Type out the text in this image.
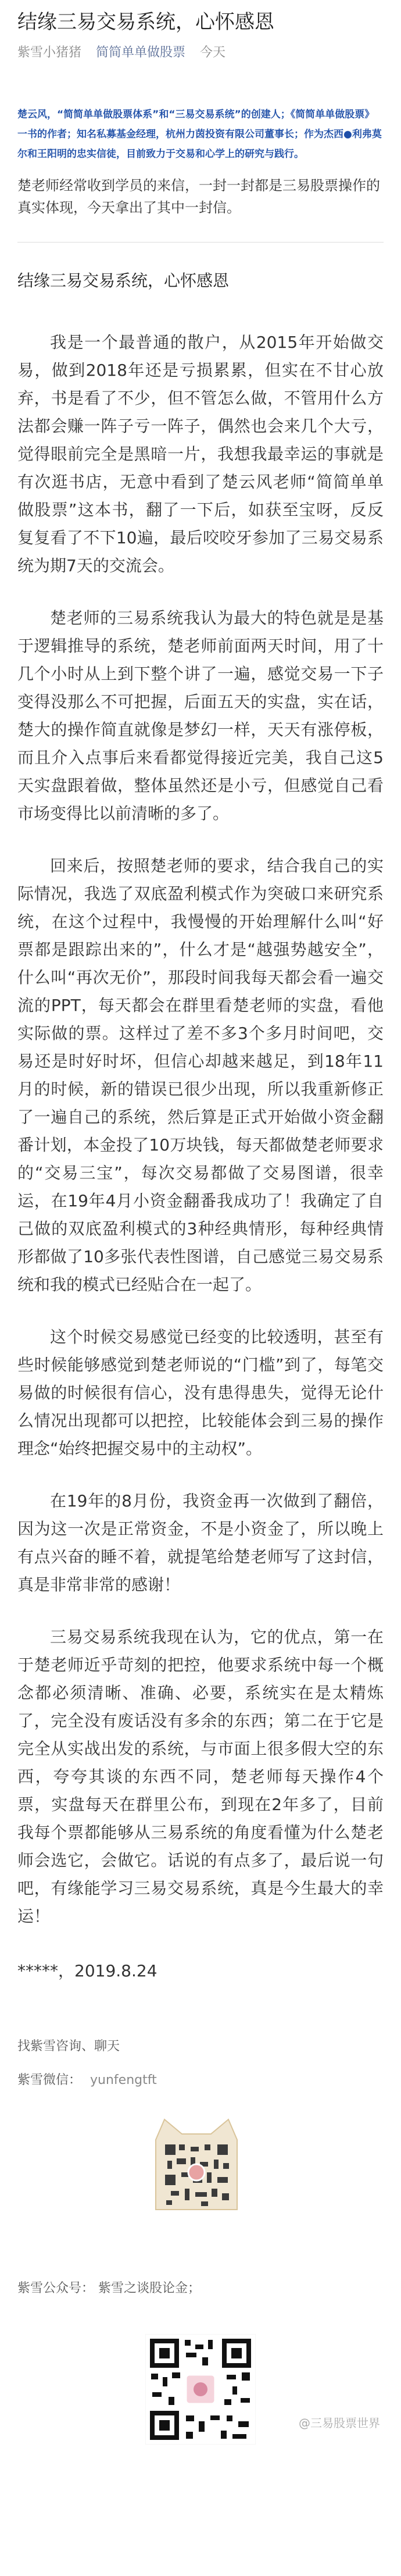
结缘三易交易系统，心怀感恩
紫雪小猪猪 简简单单做股票 今天
楚云风，“简简单单做股票体系”和“三易交易系统”的创建人；《简简单单做股票》一书的作者；知名私募基金经理，杭州力茵投资有限公司董事长；作为杰西●利弗莫尔和王阳明的忠实信徒，目前致力于交易和心学上的研究与践行。
楚老师经常收到学员的来信，一封一封都是三易股票操作的真实体现，今天拿出了其中一封信。
结缘三易交易系统，心怀感恩

我是一个最普通的散户，从2015年开始做交易，做到2018年还是亏损累累，但实在不甘心放弃，书是看了不少，但不管怎么做，不管用什么方法都会赚一阵子亏一阵子，偶然也会来几个大亏，觉得眼前完全是黑暗一片，我想我最幸运的事就是有次逛书店，无意中看到了楚云风老师“简简单单做股票”这本书，翻了一下后，如获至宝呀，反反复复看了不下10遍，最后咬咬牙参加了三易交易系统为期7天的交流会。

楚老师的三易系统我认为最大的特色就是是基于逻辑推导的系统，楚老师前面两天时间，用了十几个小时从上到下整个讲了一遍，感觉交易一下子变得没那么不可把握，后面五天的实盘，实在话，楚大的操作简直就像是梦幻一样，天天有涨停板，而且介入点事后来看都觉得接近完美，我自己这5天实盘跟着做，整体虽然还是小亏，但感觉自己看市场变得比以前清晰的多了。

回来后，按照楚老师的要求，结合我自己的实际情况，我选了双底盈利模式作为突破口来研究系统，在这个过程中，我慢慢的开始理解什么叫“好票都是跟踪出来的”，什么才是“越强势越安全”，什么叫“再次无价”，那段时间我每天都会看一遍交流的PPT，每天都会在群里看楚老师的实盘，看他实际做的票。这样过了差不多3个多月时间吧，交易还是时好时坏，但信心却越来越足，到18年11月的时候，新的错误已很少出现，所以我重新修正了一遍自己的系统，然后算是正式开始做小资金翻番计划，本金投了10万块钱，每天都做楚老师要求的“交易三宝”，每次交易都做了交易图谱，很幸运，在19年4月小资金翻番我成功了！我确定了自己做的双底盈利模式的3种经典情形，每种经典情形都做了10多张代表性图谱，自己感觉三易交易系统和我的模式已经贴合在一起了。

这个时候交易感觉已经变的比较透明，甚至有些时候能够感觉到楚老师说的“门槛”到了，每笔交易做的时候很有信心，没有患得患失，觉得无论什么情况出现都可以把控，比较能体会到三易的操作理念“始终把握交易中的主动权”。

在19年的8月份，我资金再一次做到了翻倍，因为这一次是正常资金，不是小资金了，所以晚上有点兴奋的睡不着，就提笔给楚老师写了这封信，真是非常非常的感谢！

三易交易系统我现在认为，它的优点，第一在于楚老师近乎苛刻的把控，他要求系统中每一个概念都必须清晰、准确、必要，系统实在是太精炼了，完全没有废话没有多余的东西；第二在于它是完全从实战出发的系统，与市面上很多假大空的东西，夸夸其谈的东西不同，楚老师每天操作4个票，实盘每天在群里公布，到现在2年多了，目前我每个票都能够从三易系统的角度看懂为什么楚老师会选它，会做它。话说的有点多了，最后说一句吧，有缘能学习三易交易系统，真是今生最大的幸运！

*****，2019.8.24

找紫雪咨询、聊天
紫雪微信： yunfengtft
紫雪公众号： 紫雪之谈股论金；
@三易股票世界
